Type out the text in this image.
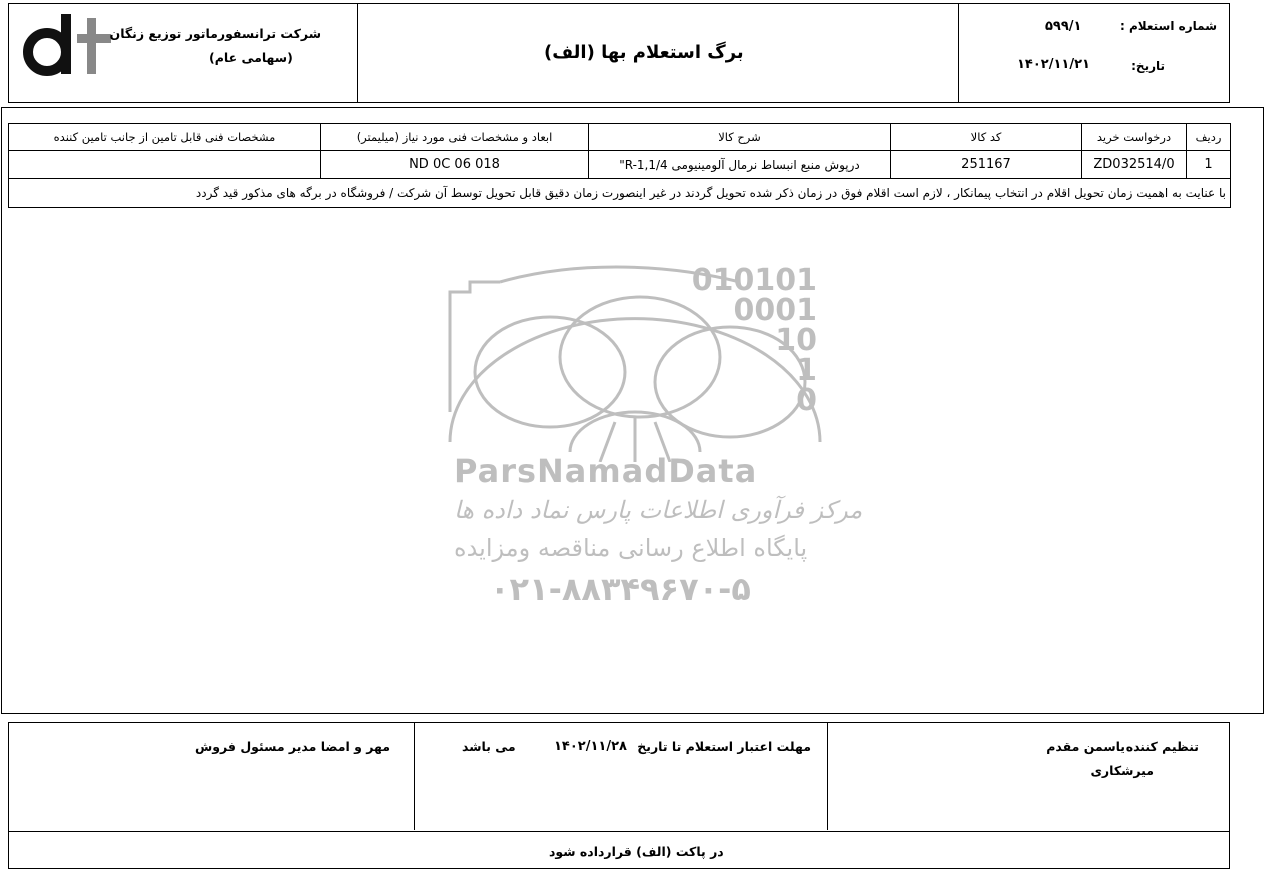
شرکت ترانسفورماتور توزیع زنگان
(سهامی عام)	برگ استعلام بها (الف)
شماره استعلام :
۵۹۹/۱
تاریخ:
۱۴۰۲/۱۱/۲۱
مشخصات فنی قابل تامین از جانب تامین کننده	ابعاد و مشخصات فنی مورد نیاز (میلیمتر)	شرح کالا	کد کالا	درخواست خرید	ردیف
	ND 0C 06 018	درپوش منبع انبساط نرمال آلومینیومی R-1,1/4"	251167	ZD032514/0	1
با عنایت به اهمیت زمان تحویل اقلام در انتخاب پیمانکار ، لازم است اقلام فوق در زمان ذکر شده تحویل گردند در غیر اینصورت زمان دقیق قابل تحویل توسط آن شرکت / فروشگاه در برگه های مذکور قید گردد					
010101
0001
10
1
0
ParsNamadData
مرکز فرآوری اطلاعات پارس نماد داده ها
پایگاه اطلاع رسانی مناقصه ومزایده
۰۲۱-۸۸۳۴۹۶۷۰-۵
تنظیم کننده
یاسمن مقدم
میرشکاری
مهلت اعتبار استعلام تا تاریخ
۱۴۰۲/۱۱/۲۸
می باشد
مهر و امضا مدیر مسئول فروش
در پاکت (الف) قرارداده شود
